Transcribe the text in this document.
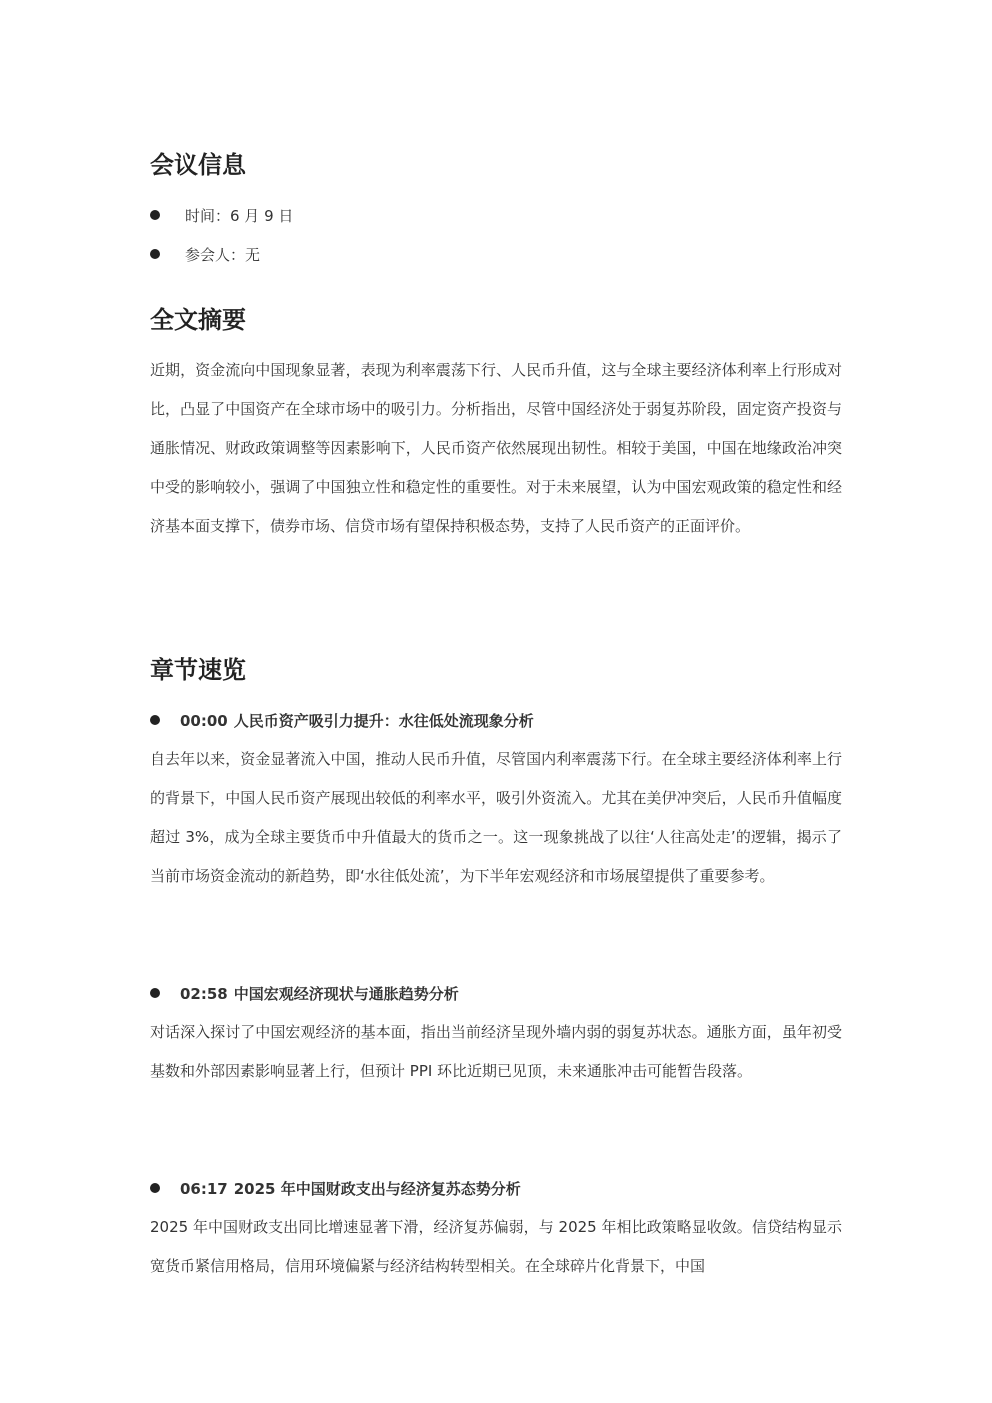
会议信息
时间：6 月 9 日
参会人：无
全文摘要

近期，资金流向中国现象显著，表现为利率震荡下行、人民币升值，这与全球主要经济体利率上行形成对比，凸显了中国资产在全球市场中的吸引力。分析指出，尽管中国经济处于弱复苏阶段，固定资产投资与通胀情况、财政政策调整等因素影响下，人民币资产依然展现出韧性。相较于美国，中国在地缘政治冲突中受的影响较小，强调了中国独立性和稳定性的重要性。对于未来展望，认为中国宏观政策的稳定性和经济基本面支撑下，债券市场、信贷市场有望保持积极态势，支持了人民币资产的正面评价。

章节速览
00:00 人民币资产吸引力提升：水往低处流现象分析

自去年以来，资金显著流入中国，推动人民币升值，尽管国内利率震荡下行。在全球主要经济体利率上行的背景下，中国人民币资产展现出较低的利率水平，吸引外资流入。尤其在美伊冲突后，人民币升值幅度超过 3%，成为全球主要货币中升值最大的货币之一。这一现象挑战了以往‘人往高处走’的逻辑，揭示了当前市场资金流动的新趋势，即‘水往低处流’，为下半年宏观经济和市场展望提供了重要参考。

06:17 2025 年中国财政支出与经济复苏态势分析

2025 年中国财政支出同比增速显著下滑，经济复苏偏弱，与 2025 年相比政策略显收敛。信贷结构显示宽货币紧信用格局，信用环境偏紧与经济结构转型相关。在全球碎片化背景下，中国

02:58 中国宏观经济现状与通胀趋势分析

对话深入探讨了中国宏观经济的基本面，指出当前经济呈现外墙内弱的弱复苏状态。通胀方面，虽年初受基数和外部因素影响显著上行，但预计 PPI 环比近期已见顶，未来通胀冲击可能暂告段落。
